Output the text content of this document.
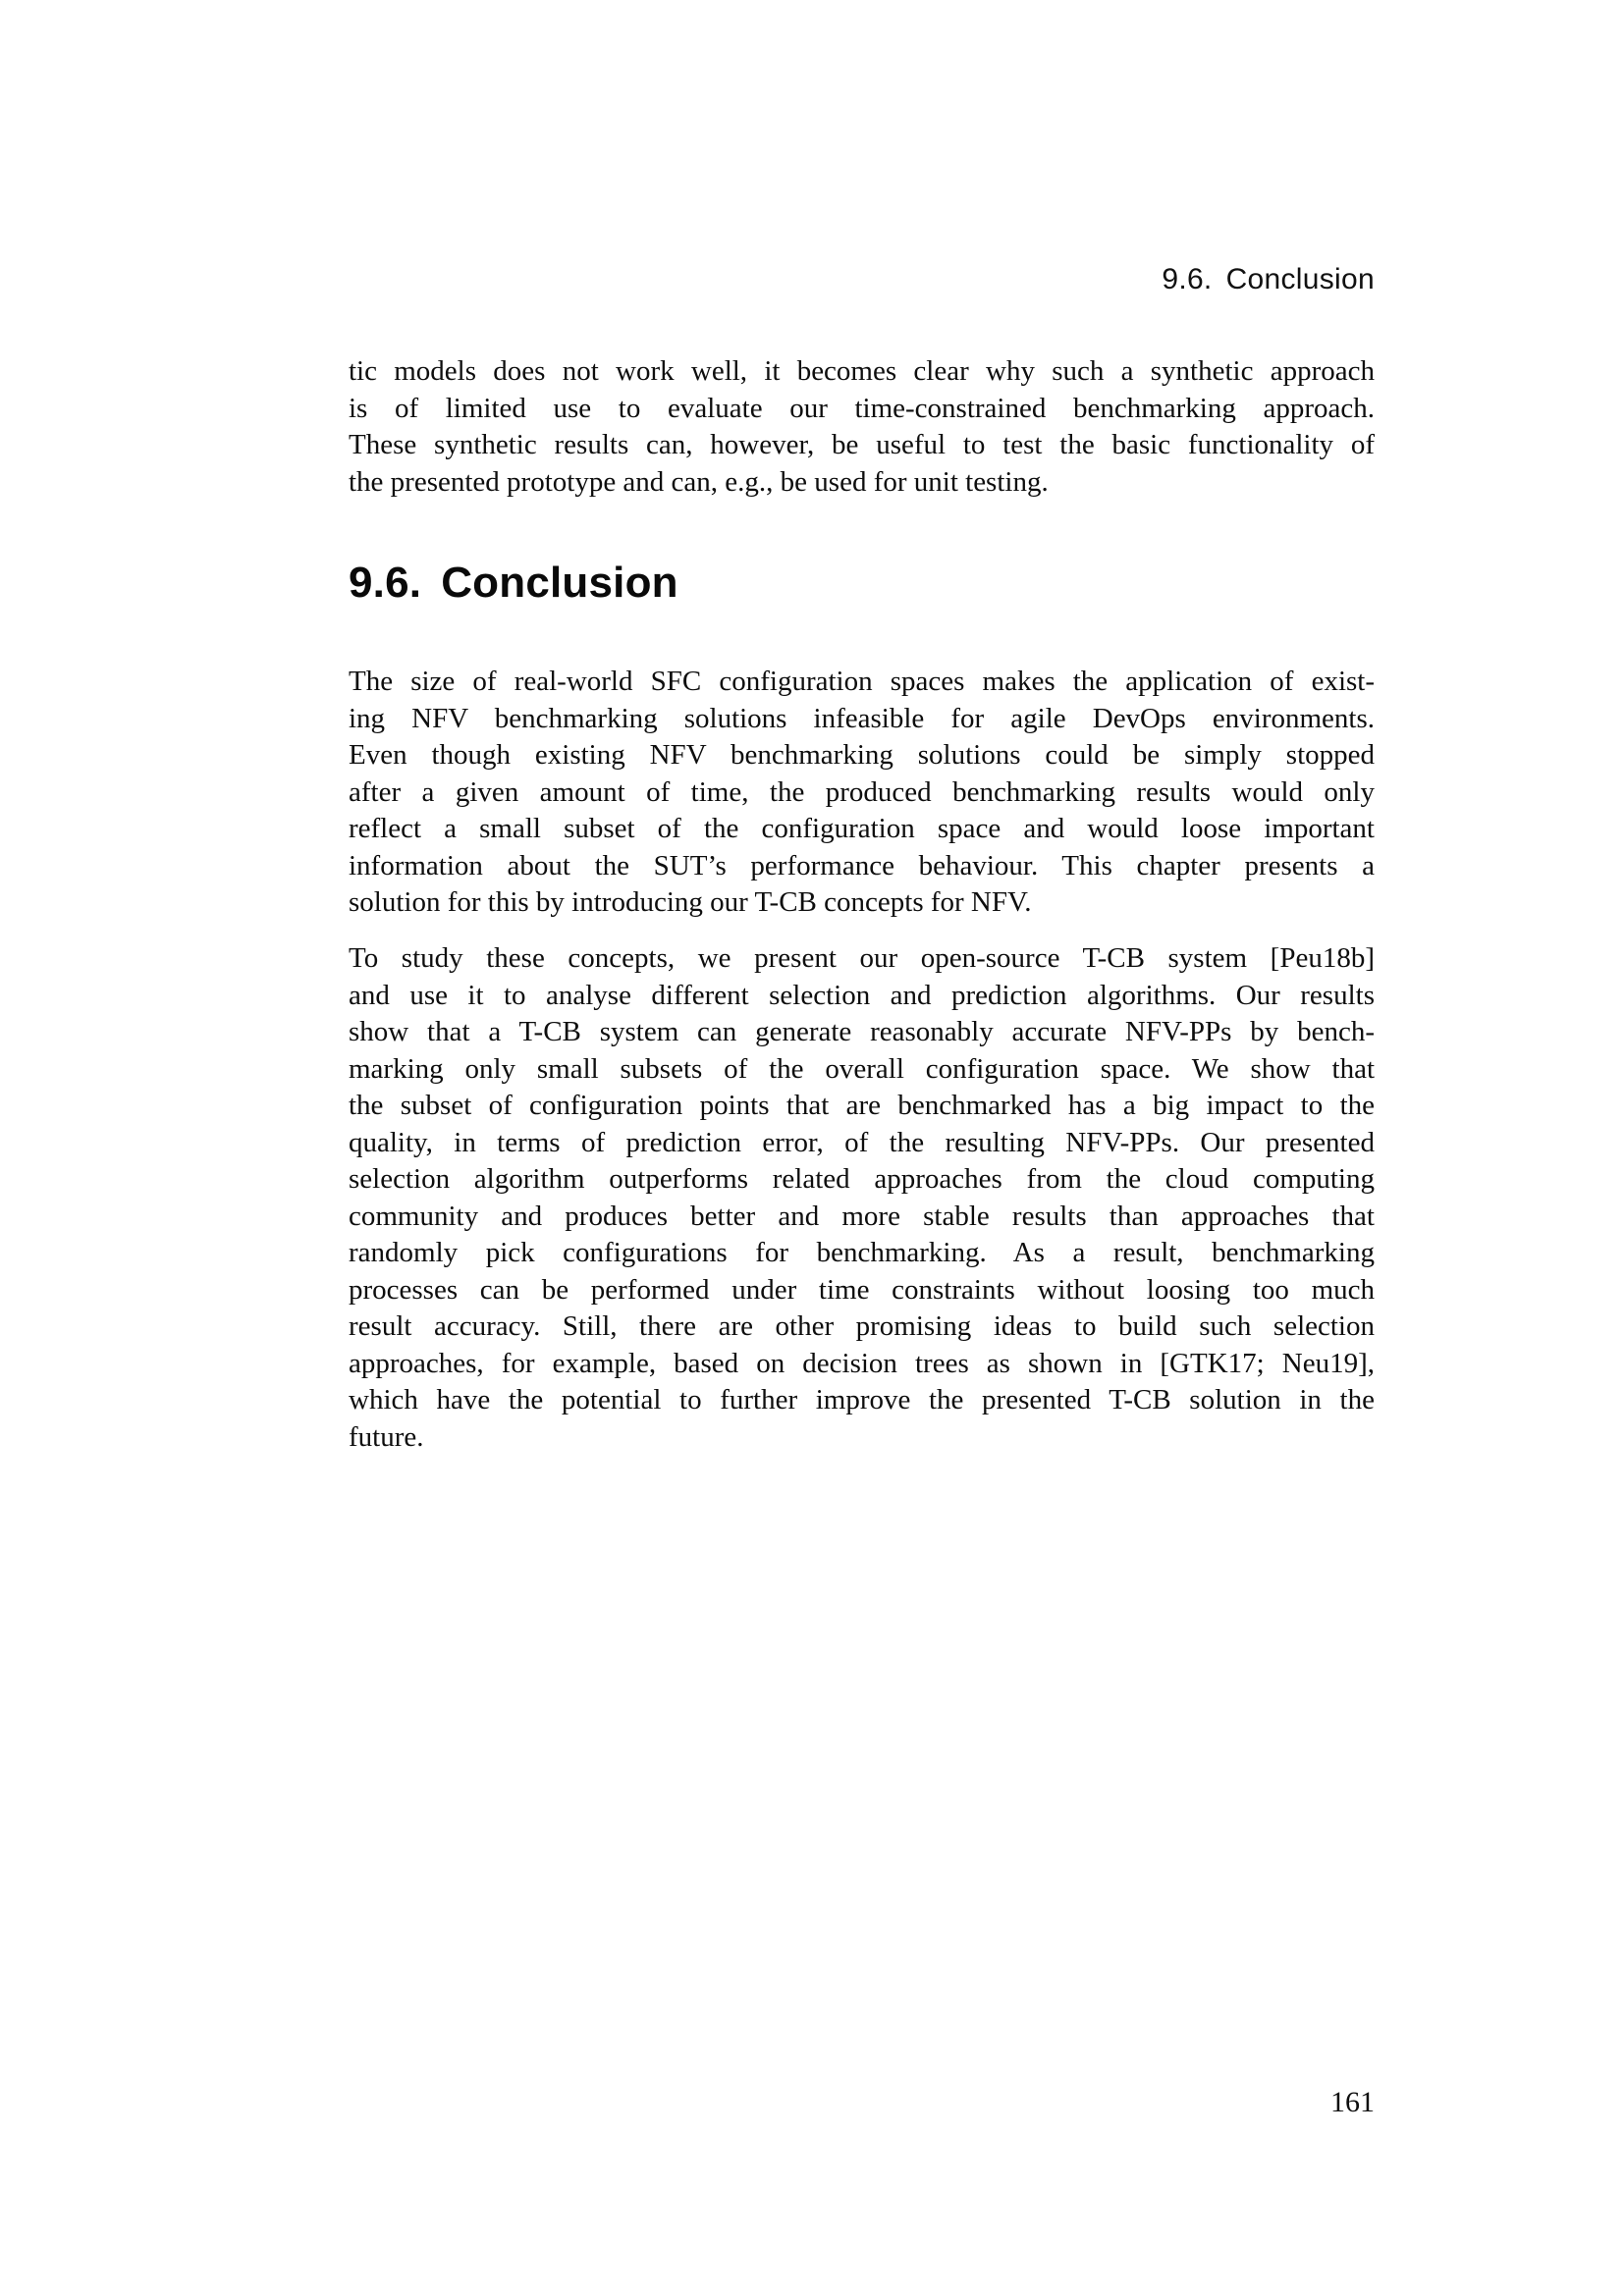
9.6. Conclusion
tic models does not work well, it becomes clear why such a synthetic approach
is of limited use to evaluate our time-constrained benchmarking approach.
These synthetic results can, however, be useful to test the basic functionality of
the presented prototype and can, e.g., be used for unit testing.
9.6. Conclusion
The size of real-world SFC configuration spaces makes the application of exist-
ing NFV benchmarking solutions infeasible for agile DevOps environments.
Even though existing NFV benchmarking solutions could be simply stopped
after a given amount of time, the produced benchmarking results would only
reflect a small subset of the configuration space and would loose important
information about the SUT’s performance behaviour. This chapter presents a
solution for this by introducing our T-CB concepts for NFV.
To study these concepts, we present our open-source T-CB system [Peu18b]
and use it to analyse different selection and prediction algorithms. Our results
show that a T-CB system can generate reasonably accurate NFV-PPs by bench-
marking only small subsets of the overall configuration space. We show that
the subset of configuration points that are benchmarked has a big impact to the
quality, in terms of prediction error, of the resulting NFV-PPs. Our presented
selection algorithm outperforms related approaches from the cloud computing
community and produces better and more stable results than approaches that
randomly pick configurations for benchmarking. As a result, benchmarking
processes can be performed under time constraints without loosing too much
result accuracy. Still, there are other promising ideas to build such selection
approaches, for example, based on decision trees as shown in [GTK17; Neu19],
which have the potential to further improve the presented T-CB solution in the
future.
161
